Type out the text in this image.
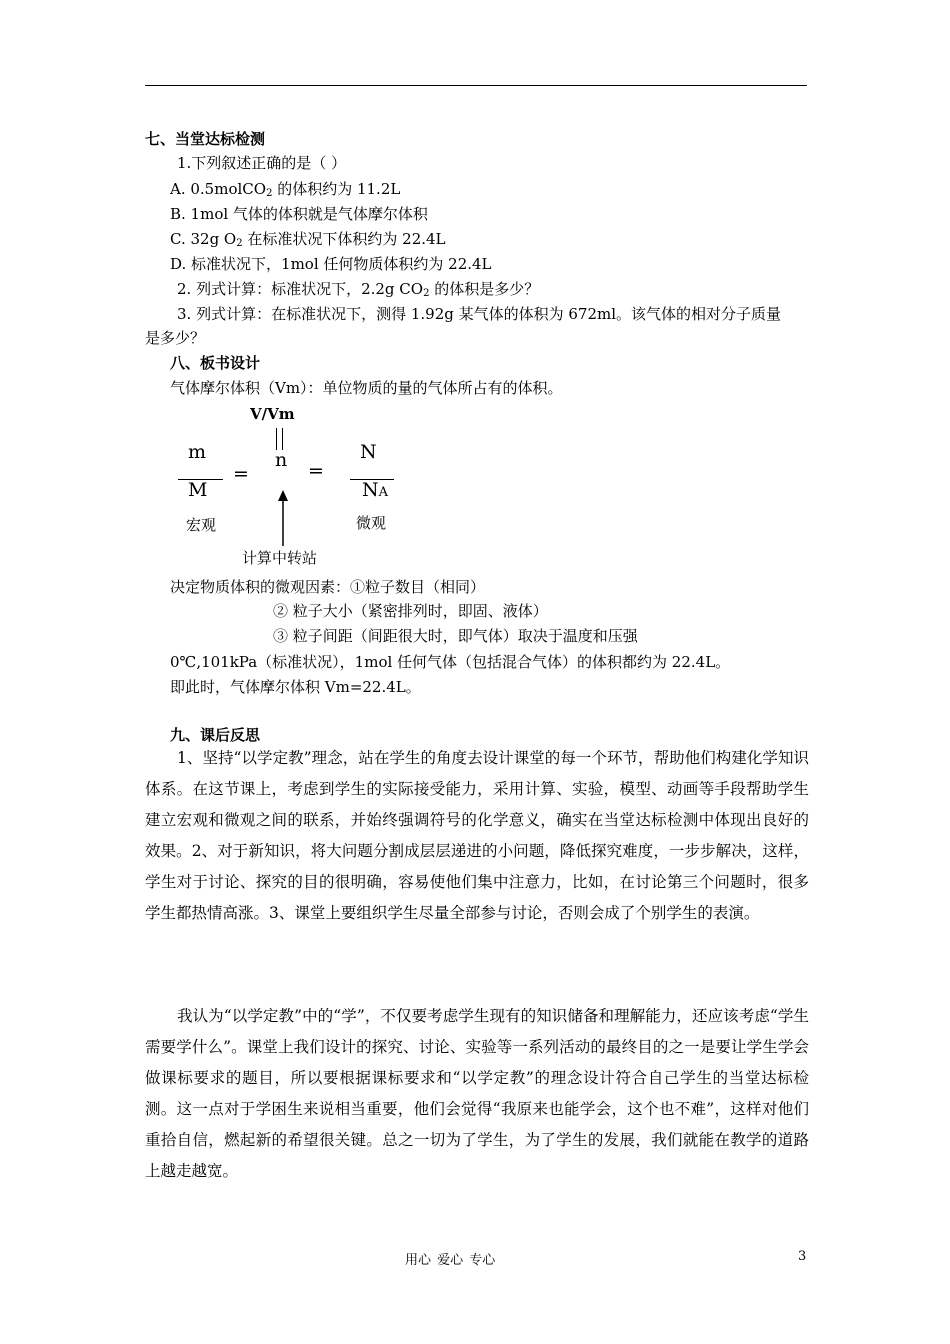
七、当堂达标检测
1.下列叙述正确的是（ ）
A. 0.5molCO$_2$ 的体积约为 11.2L
B. 1mol 气体的体积就是气体摩尔体积
C. 32g $O_2$ 在标准状况下体积约为 22.4L
D. 标准状况下，1mol 任何物质体积约为 22.4L
2. 列式计算：标准状况下，2.2g $CO_2$ 的体积是多少？
3. 列式计算：在标准状况下，测得 1.92g 某气体的体积为 672ml。该气体的相对分子质量
是多少？
八、板书设计
气体摩尔体积（Vm）：单位物质的量的气体所占有的体积。
V/Vm
n
m
M
=	=
N
NA
宏观	微观
计算中转站
决定物质体积的微观因素：①粒子数目（相同）
② 粒子大小（紧密排列时，即固、液体）
③ 粒子间距（间距很大时，即气体）取决于温度和压强
0℃,101kPa（标准状况），1mol 任何气体（包括混合气体）的体积都约为 22.4L。
即此时，气体摩尔体积 Vm=22.4L。
九、课后反思
1、坚持“以学定教”理念，站在学生的角度去设计课堂的每一个环节，帮助他们构建化学知识体系。在这节课上，考虑到学生的实际接受能力，采用计算、实验，模型、动画等手段帮助学生建立宏观和微观之间的联系，并始终强调符号的化学意义，确实在当堂达标检测中体现出良好的效果。2、对于新知识，将大问题分割成层层递进的小问题，降低探究难度，一步步解决，这样，学生对于讨论、探究的目的很明确，容易使他们集中注意力，比如，在讨论第三个问题时，很多学生都热情高涨。3、课堂上要组织学生尽量全部参与讨论，否则会成了个别学生的表演。
我认为“以学定教”中的“学”，不仅要考虑学生现有的知识储备和理解能力，还应该考虑“学生需要学什么”。课堂上我们设计的探究、讨论、实验等一系列活动的最终目的之一是要让学生学会做课标要求的题目，所以要根据课标要求和“以学定教”的理念设计符合自己学生的当堂达标检测。这一点对于学困生来说相当重要，他们会觉得“我原来也能学会，这个也不难”，这样对他们重拾自信，燃起新的希望很关键。总之一切为了学生，为了学生的发展，我们就能在教学的道路上越走越宽。
用心 爱心 专心	3
